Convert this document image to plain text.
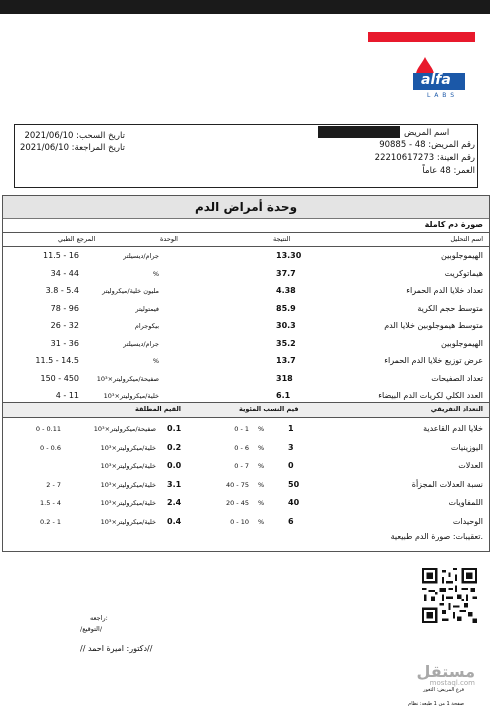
alfa
L A B S
اسم المريض
رقم المريض: 48 - 90885
رقم العينة: 22210617273
العمر: 48 عاماً
تاريخ السحب: 2021/06/10
تاريخ المراجعة: 2021/06/10
وحدة أمراض الدم
صورة دم كاملة
اسم التحليل
النتيجة
الوحدة
المرجع الطبي
الهيموجلوبين
13.30
جرام/ديسيلتر
11.5 - 16
هيماتوكريت
37.7
%
34 - 44
تعداد خلايا الدم الحمراء
4.38
مليون خلية/ميكروليتر
3.8 - 5.4
متوسط حجم الكرية
85.9
فيمتوليتر
78 - 96
متوسط هيموجلوبين خلايا الدم
30.3
بيكوجرام
26 - 32
الهيموجلوبين
35.2
جرام/ديسيلتر
31 - 36
عرض توزيع خلايا الدم الحمراء
13.7
%
11.5 - 14.5
تعداد الصفيحات
318
10³×صفيحة/ميكروليتر
150 - 450
العدد الكلي لكريات الدم البيضاء
6.1
10³×خلية/ميكروليتر
4 - 11
التعداد التفريقي
قيم النسب المئوية
القيم المطلقة
خلايا الدم القاعدية
1
%
0 - 1
0.1
10³×صفيحة/ميكروليتر
0 - 0.11
اليوزينيات
3
%
0 - 6
0.2
10³×خلية/ميكروليتر
0 - 0.6
العدلات
0
%
0 - 7
0.0
10³×خلية/ميكروليتر
نسبة العدلات المجزأة
50
%
40 - 75
3.1
10³×خلية/ميكروليتر
2 - 7
اللمفاويات
40
%
20 - 45
2.4
10³×خلية/ميكروليتر
1.5 - 4
الوحيدات
6
%
0 - 10
0.4
10³×خلية/ميكروليتر
0.2 - 1
تعقيبات: صورة الدم طبيعية.
راجعه:
/التوقيع/
// دكتور: اميرة احمد//
مستقل
mostaql.com
فرع المريض: الثغور
صفحة 1 من 1 طبعه: نظام
